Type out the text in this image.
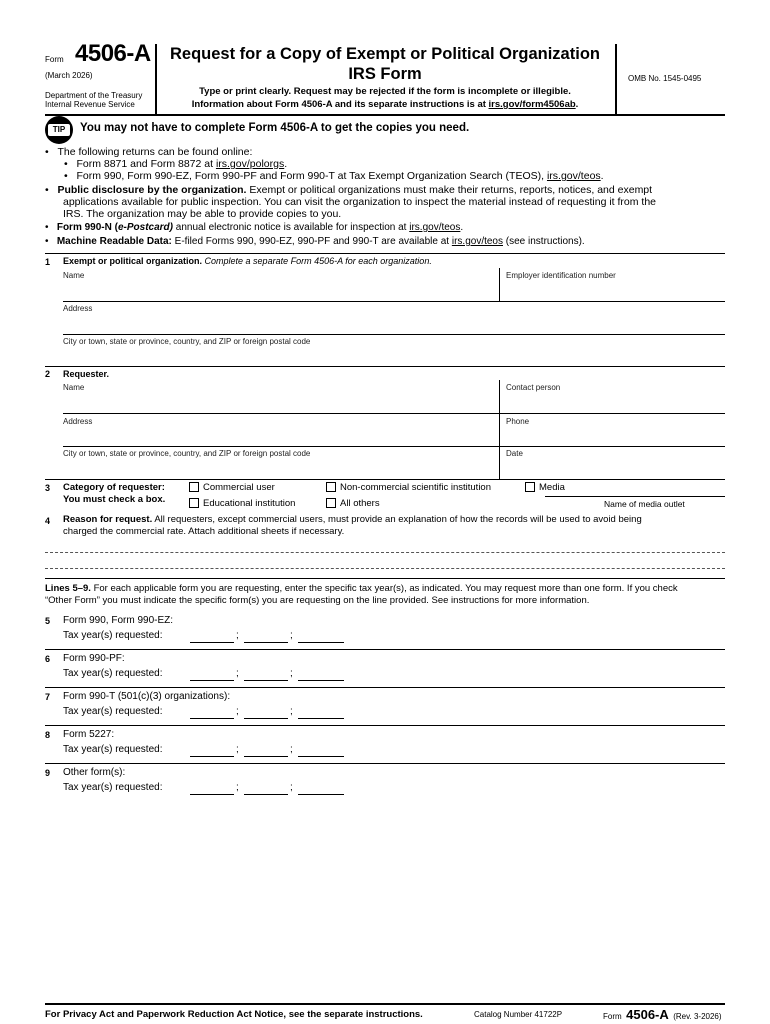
Form 4506-A
(March 2026)
Department of the Treasury
Internal Revenue Service
Request for a Copy of Exempt or Political Organization
IRS Form
Type or print clearly. Request may be rejected if the form is incomplete or illegible.
Information about Form 4506-A and its separate instructions is at irs.gov/form4506ab.
OMB No. 1545-0495
TIP	You may not have to complete Form 4506-A to get the copies you need.
•   The following returns can be found online:
•   Form 8871 and Form 8872 at irs.gov/polorgs.
•   Form 990, Form 990-EZ, Form 990-PF and Form 990-T at Tax Exempt Organization Search (TEOS), irs.gov/teos.
•   Public disclosure by the organization. Exempt or political organizations must make their returns, reports, notices, and exempt
applications available for public inspection. You can visit the organization to inspect the material instead of requesting it from the
IRS. The organization may be able to provide copies to you.
•   Form 990-N (e-Postcard) annual electronic notice is available for inspection at irs.gov/teos.
•   Machine Readable Data: E-filed Forms 990, 990-EZ, 990-PF and 990-T are available at irs.gov/teos (see instructions).
1 Exempt or political organization. Complete a separate Form 4506-A for each organization.
Name	Employer identification number
Address
City or town, state or province, country, and ZIP or foreign postal code
2 Requester.
Name	Contact person
Address	Phone
City or town, state or province, country, and ZIP or foreign postal code	Date
3 Category of requester:
You must check a box.
Commercial user	Non-commercial scientific institution	Media
Educational institution	All others	Name of media outlet
4 Reason for request. All requesters, except commercial users, must provide an explanation of how the records will be used to avoid being
charged the commercial rate. Attach additional sheets if necessary.
Lines 5–9. For each applicable form you are requesting, enter the specific tax year(s), as indicated. You may request more than one form. If you check
“Other Form” you must indicate the specific form(s) you are requesting on the line provided. See instructions for more information.
5 Form 990, Form 990-EZ:
Tax year(s) requested:	;	;
6 Form 990-PF:
Tax year(s) requested:	;	;
7 Form 990-T (501(c)(3) organizations):
Tax year(s) requested:	;	;
8 Form 5227:
Tax year(s) requested:	;	;
9 Other form(s):
Tax year(s) requested:	;	;
For Privacy Act and Paperwork Reduction Act Notice, see the separate instructions.	Catalog Number 41722P	Form 4506-A (Rev. 3-2026)
